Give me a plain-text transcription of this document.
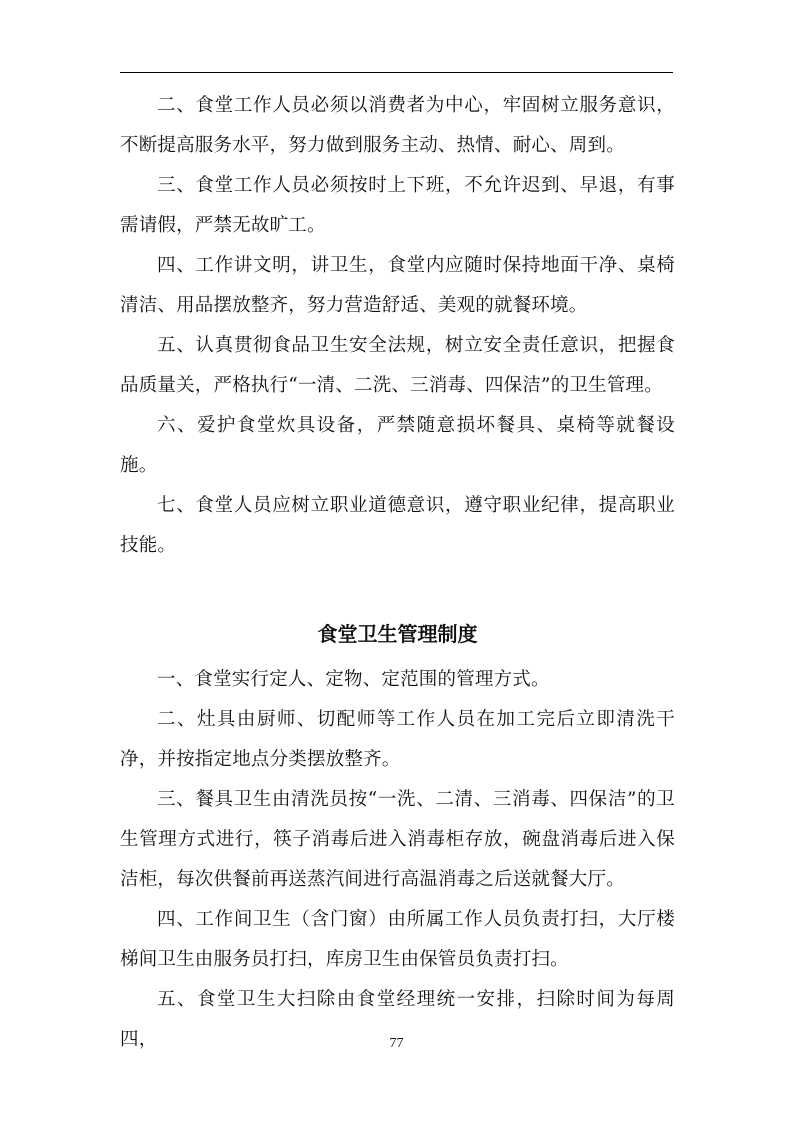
二、食堂工作人员必须以消费者为中心，牢固树立服务意识，不断提高服务水平，努力做到服务主动、热情、耐心、周到。

三、食堂工作人员必须按时上下班，不允许迟到、早退，有事需请假，严禁无故旷工。

四、工作讲文明，讲卫生，食堂内应随时保持地面干净、桌椅清洁、用品摆放整齐，努力营造舒适、美观的就餐环境。

五、认真贯彻食品卫生安全法规，树立安全责任意识，把握食品质量关，严格执行“一清、二洗、三消毒、四保洁”的卫生管理。

六、爱护食堂炊具设备，严禁随意损坏餐具、桌椅等就餐设施。

七、食堂人员应树立职业道德意识，遵守职业纪律，提高职业技能。

食堂卫生管理制度

一、食堂实行定人、定物、定范围的管理方式。

二、灶具由厨师、切配师等工作人员在加工完后立即清洗干净，并按指定地点分类摆放整齐。

三、餐具卫生由清洗员按“一洗、二清、三消毒、四保洁”的卫生管理方式进行，筷子消毒后进入消毒柜存放，碗盘消毒后进入保洁柜，每次供餐前再送蒸汽间进行高温消毒之后送就餐大厅。

四、工作间卫生（含门窗）由所属工作人员负责打扫，大厅楼梯间卫生由服务员打扫，库房卫生由保管员负责打扫。

五、食堂卫生大扫除由食堂经理统一安排，扫除时间为每周四，	77
